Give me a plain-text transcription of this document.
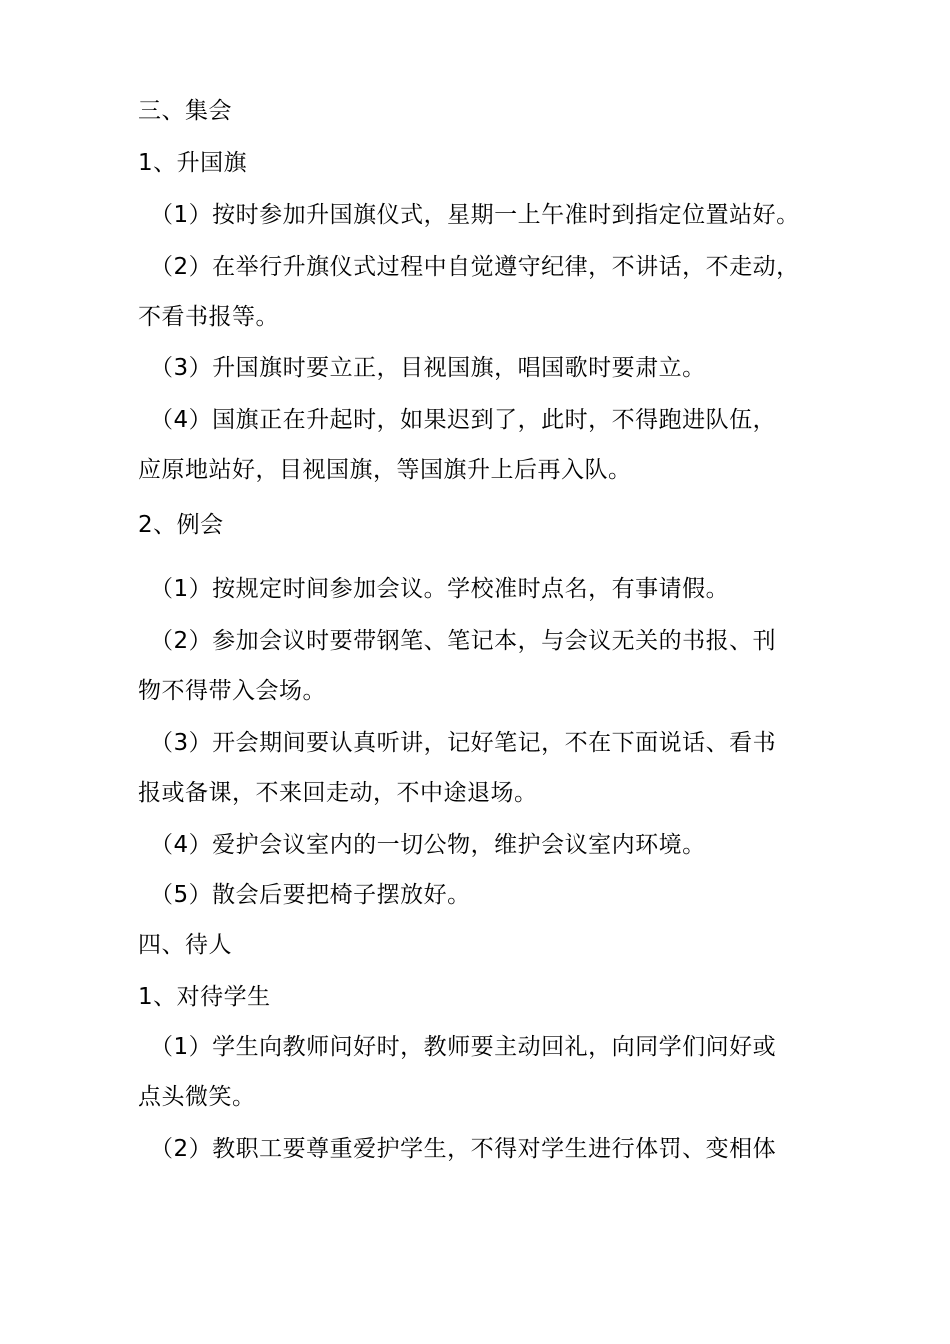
三、集会
1、升国旗
（1）按时参加升国旗仪式，星期一上午准时到指定位置站好。
（2）在举行升旗仪式过程中自觉遵守纪律，不讲话，不走动，
不看书报等。
（3）升国旗时要立正，目视国旗，唱国歌时要肃立。
（4）国旗正在升起时，如果迟到了，此时，不得跑进队伍，
应原地站好，目视国旗，等国旗升上后再入队。
2、例会
（1）按规定时间参加会议。学校准时点名，有事请假。
（2）参加会议时要带钢笔、笔记本，与会议无关的书报、刊
物不得带入会场。
（3）开会期间要认真听讲，记好笔记，不在下面说话、看书
报或备课，不来回走动，不中途退场。
（4）爱护会议室内的一切公物，维护会议室内环境。
（5）散会后要把椅子摆放好。
四、待人
1、对待学生
（1）学生向教师问好时，教师要主动回礼，向同学们问好或
点头微笑。
（2）教职工要尊重爱护学生，不得对学生进行体罚、变相体
